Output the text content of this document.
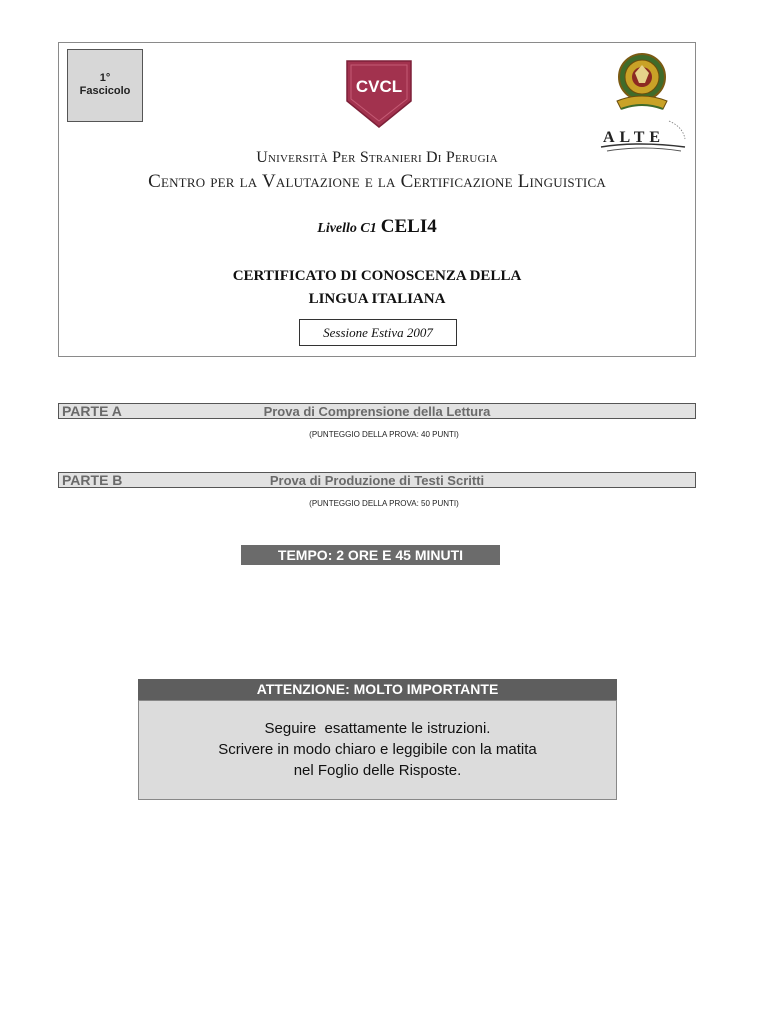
1°
Fascicolo	CVCL
ALTE
Università Per Stranieri Di Perugia
Centro per la Valutazione e la Certificazione Linguistica
Livello C1 CELI4
CERTIFICATO DI CONOSCENZA DELLA
LINGUA ITALIANA
Sessione Estiva 2007
PARTE A	Prova di Comprensione della Lettura
(PUNTEGGIO DELLA PROVA: 40 PUNTI)
PARTE B	Prova di Produzione di Testi Scritti
(PUNTEGGIO DELLA PROVA: 50 PUNTI)
TEMPO: 2 ORE E 45 MINUTI
ATTENZIONE: MOLTO IMPORTANTE
Seguire  esattamente le istruzioni.
Scrivere in modo chiaro e leggibile con la matita
nel Foglio delle Risposte.
